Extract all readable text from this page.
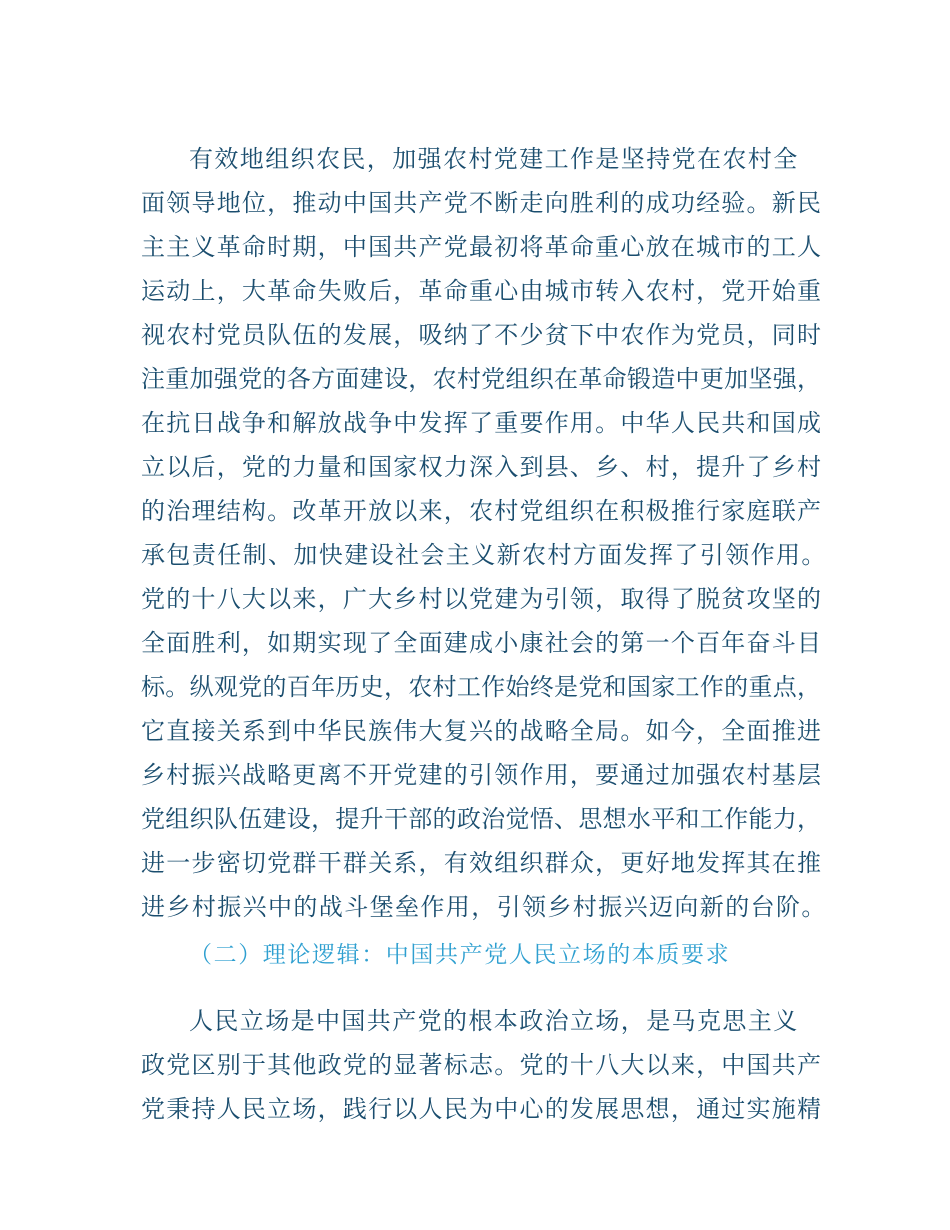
有效地组织农民，加强农村党建工作是坚持党在农村全
面领导地位，推动中国共产党不断走向胜利的成功经验。新民
主主义革命时期，中国共产党最初将革命重心放在城市的工人
运动上，大革命失败后，革命重心由城市转入农村，党开始重
视农村党员队伍的发展，吸纳了不少贫下中农作为党员，同时
注重加强党的各方面建设，农村党组织在革命锻造中更加坚强，
在抗日战争和解放战争中发挥了重要作用。中华人民共和国成
立以后，党的力量和国家权力深入到县、乡、村，提升了乡村
的治理结构。改革开放以来，农村党组织在积极推行家庭联产
承包责任制、加快建设社会主义新农村方面发挥了引领作用。
党的十八大以来，广大乡村以党建为引领，取得了脱贫攻坚的
全面胜利，如期实现了全面建成小康社会的第一个百年奋斗目
标。纵观党的百年历史，农村工作始终是党和国家工作的重点，
它直接关系到中华民族伟大复兴的战略全局。如今，全面推进
乡村振兴战略更离不开党建的引领作用，要通过加强农村基层
党组织队伍建设，提升干部的政治觉悟、思想水平和工作能力，
进一步密切党群干群关系，有效组织群众，更好地发挥其在推
进乡村振兴中的战斗堡垒作用，引领乡村振兴迈向新的台阶。
（二）理论逻辑：中国共产党人民立场的本质要求
人民立场是中国共产党的根本政治立场，是马克思主义
政党区别于其他政党的显著标志。党的十八大以来，中国共产
党秉持人民立场，践行以人民为中心的发展思想，通过实施精
